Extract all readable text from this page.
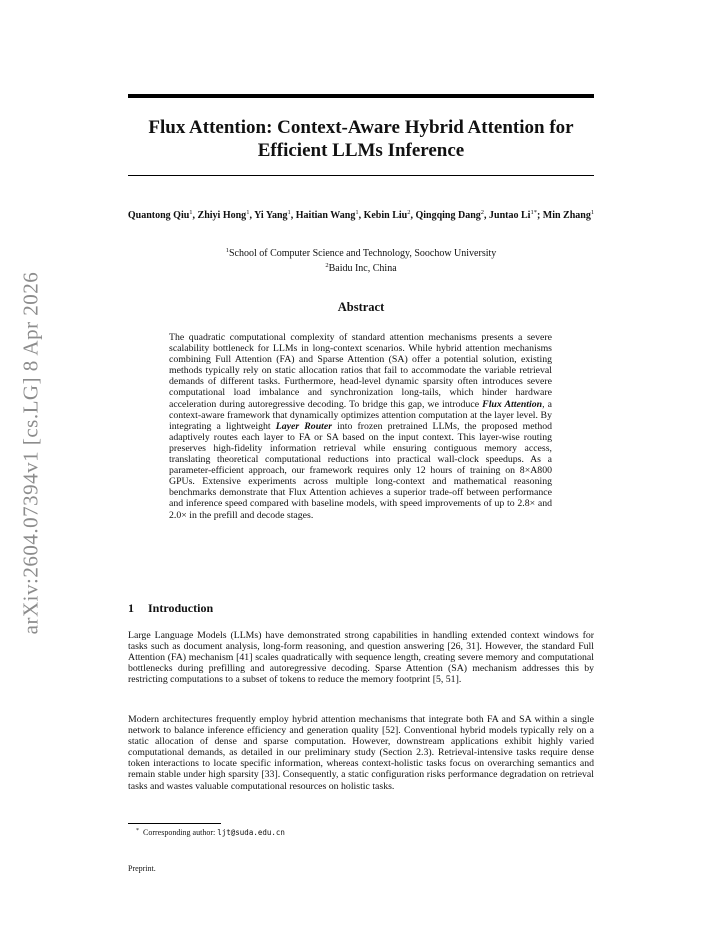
arXiv:2604.07394v1 [cs.LG] 8 Apr 2026
Flux Attention: Context-Aware Hybrid Attention for
Efficient LLMs Inference
Quantong Qiu$^1$, Zhiyi Hong$^1$, Yi Yang$^1$, Haitian Wang$^1$, Kebin Liu$^2$, Qingqing Dang$^2$, Juntao $Li^{1*}$; Min Zhang$^1$
$^1$School of Computer Science and Technology, Soochow University
$^2$Baidu Inc, China
Abstract
The quadratic computational complexity of standard attention mechanisms presents a severe scalability bottleneck for LLMs in long-context scenarios. While hybrid attention mechanisms combining Full Attention (FA) and Sparse Attention (SA) offer a potential solution, existing methods typically rely on static allocation ratios that fail to accommodate the variable retrieval demands of different tasks. Furthermore, head-level dynamic sparsity often introduces severe computational load imbalance and synchronization long-tails, which hinder hardware acceleration during autoregressive decoding. To bridge this gap, we introduce Flux Attention, a context-aware framework that dynamically optimizes attention computation at the layer level. By integrating a lightweight Layer Router into frozen pretrained LLMs, the proposed method adaptively routes each layer to FA or SA based on the input context. This layer-wise routing preserves high-fidelity information retrieval while ensuring contiguous memory access, translating theoretical computational reductions into practical wall-clock speedups. As a parameter-efficient approach, our framework requires only 12 hours of training on 8×A800 GPUs. Extensive experiments across multiple long-context and mathematical reasoning benchmarks demonstrate that Flux Attention achieves a superior trade-off between performance and inference speed compared with baseline models, with speed improvements of up to 2.8× and 2.0× in the prefill and decode stages.
1 Introduction
Large Language Models (LLMs) have demonstrated strong capabilities in handling extended context windows for tasks such as document analysis, long-form reasoning, and question answering [26, 31]. However, the standard Full Attention (FA) mechanism [41] scales quadratically with sequence length, creating severe memory and computational bottlenecks during prefilling and autoregressive decoding. Sparse Attention (SA) mechanism addresses this by restricting computations to a subset of tokens to reduce the memory footprint [5, 51].
Modern architectures frequently employ hybrid attention mechanisms that integrate both FA and SA within a single network to balance inference efficiency and generation quality [52]. Conventional hybrid models typically rely on a static allocation of dense and sparse computation. However, downstream applications exhibit highly varied computational demands, as detailed in our preliminary study (Section 2.3). Retrieval-intensive tasks require dense token interactions to locate specific information, whereas context-holistic tasks focus on overarching semantics and remain stable under high sparsity [33]. Consequently, a static configuration risks performance degradation on retrieval tasks and wastes valuable computational resources on holistic tasks.
* Corresponding author: ljt@suda.edu.cn
Preprint.
